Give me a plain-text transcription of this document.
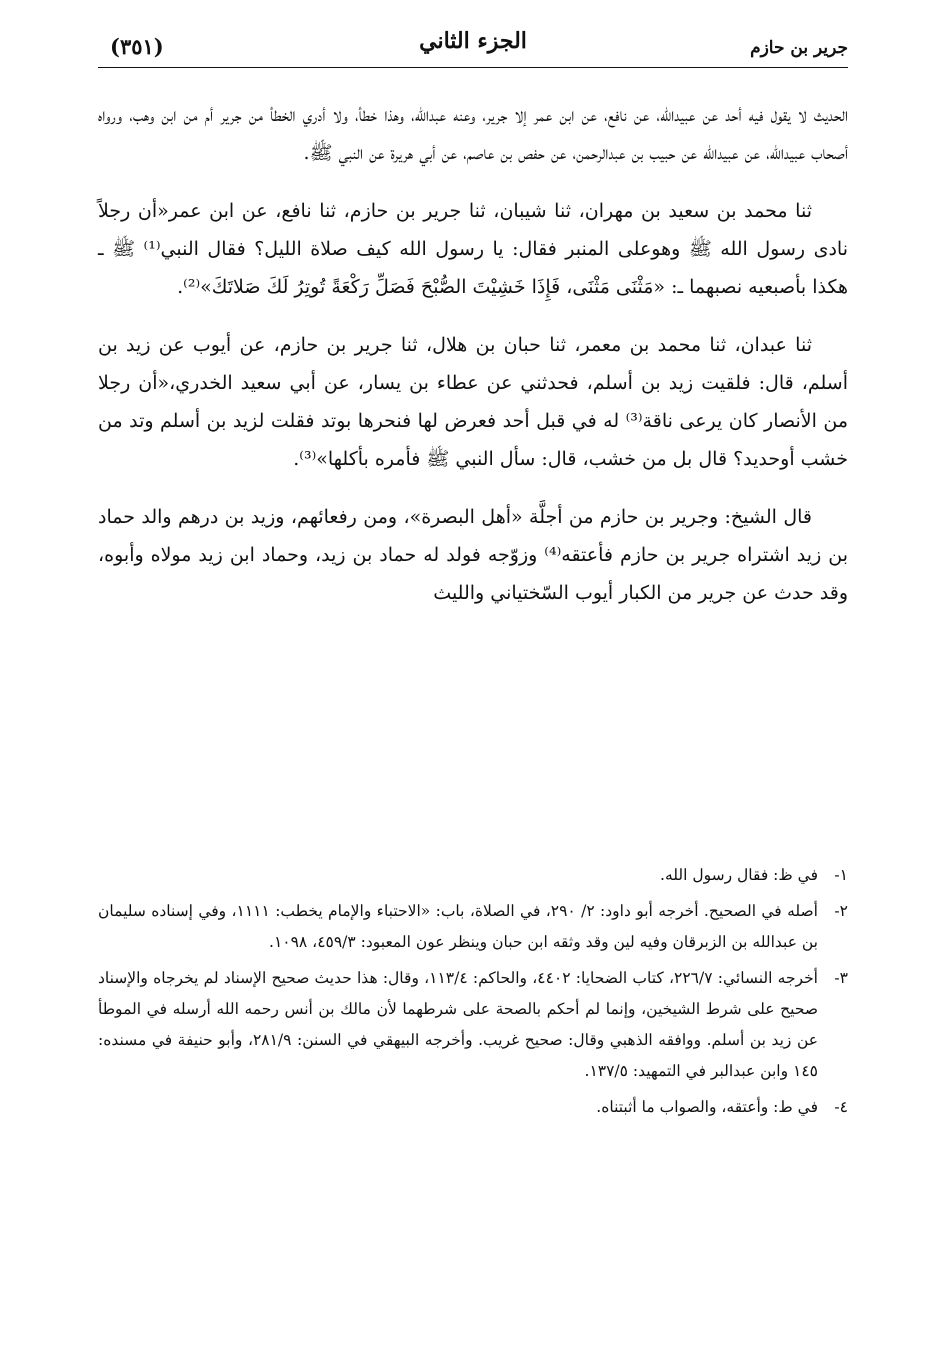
جرير بن حازم
الجزء الثاني
(٣٥١)

الحديث لا يقول فيه أحد عن عبيدالله، عن نافع، عن ابن عمر إلا جرير، وعنه عبدالله، وهذا خطأ، ولا أدري الخطأ من جرير أم من ابن وهب، ورواه أصحاب عبيدالله، عن عبيدالله عن حبيب بن عبدالرحمن، عن حفص بن عاصم، عن أبي هريرة عن النبي ﷺ.

ثنا محمد بن سعيد بن مهران، ثنا شيبان، ثنا جرير بن حازم، ثنا نافع، عن ابن عمر«أن رجلاً نادى رسول الله ﷺ وهوعلى المنبر فقال: يا رسول الله كيف صلاة الليل؟ فقال النبي⁽¹⁾ ﷺ ـ هكذا بأصبعيه نصبهما ـ: «مَثْنَى مَثْنَى، فَإِذَا خَشِيْتَ الصُّبْحَ فَصَلِّ رَكْعَةً تُوتِرُ لَكَ صَلاتَكَ»⁽²⁾.

ثنا عبدان، ثنا محمد بن معمر، ثنا حبان بن هلال، ثنا جرير بن حازم، عن أيوب عن زيد بن أسلم، قال: فلقيت زيد بن أسلم، فحدثني عن عطاء بن يسار، عن أبي سعيد الخدري،«أن رجلا من الأنصار كان يرعى ناقة⁽³⁾ له في قبل أحد فعرض لها فنحرها بوتد فقلت لزيد بن أسلم وتد من خشب أوحديد؟ قال بل من خشب، قال: سأل النبي ﷺ فأمره بأكلها»⁽³⁾.

قال الشيخ: وجرير بن حازم من أجلَّة «أهل البصرة»، ومن رفعائهم، وزيد بن درهم والد حماد بن زيد اشتراه جرير بن حازم فأعتقه⁽⁴⁾ وزوّجه فولد له حماد بن زيد، وحماد ابن زيد مولاه وأبوه، وقد حدث عن جرير من الكبار أيوب السّختياني والليث

١-
في ظ: فقال رسول الله.
٢-
أصله في الصحيح. أخرجه أبو داود: ٢/ ٢٩٠، في الصلاة، باب: «الاحتباء والإمام يخطب: ١١١١، وفي إسناده سليمان بن عبدالله بن الزبرقان وفيه لين وقد وثقه ابن حبان وينظر عون المعبود: ٤٥٩/٣، ١٠٩٨.
٣-
أخرجه النسائي: ٢٢٦/٧، كتاب الضحايا: ٤٤٠٢، والحاكم: ١١٣/٤، وقال: هذا حديث صحيح الإسناد لم يخرجاه والإسناد صحيح على شرط الشيخين، وإنما لم أحكم بالصحة على شرطهما لأن مالك بن أنس رحمه الله أرسله في الموطأ عن زيد بن أسلم. ووافقه الذهبي وقال: صحيح غريب. وأخرجه البيهقي في السنن: ٢٨١/٩، وأبو حنيفة في مسنده: ١٤٥ وابن عبدالبر في التمهيد: ١٣٧/٥.
٤-
في ط: وأعتقه، والصواب ما أثبتناه.
